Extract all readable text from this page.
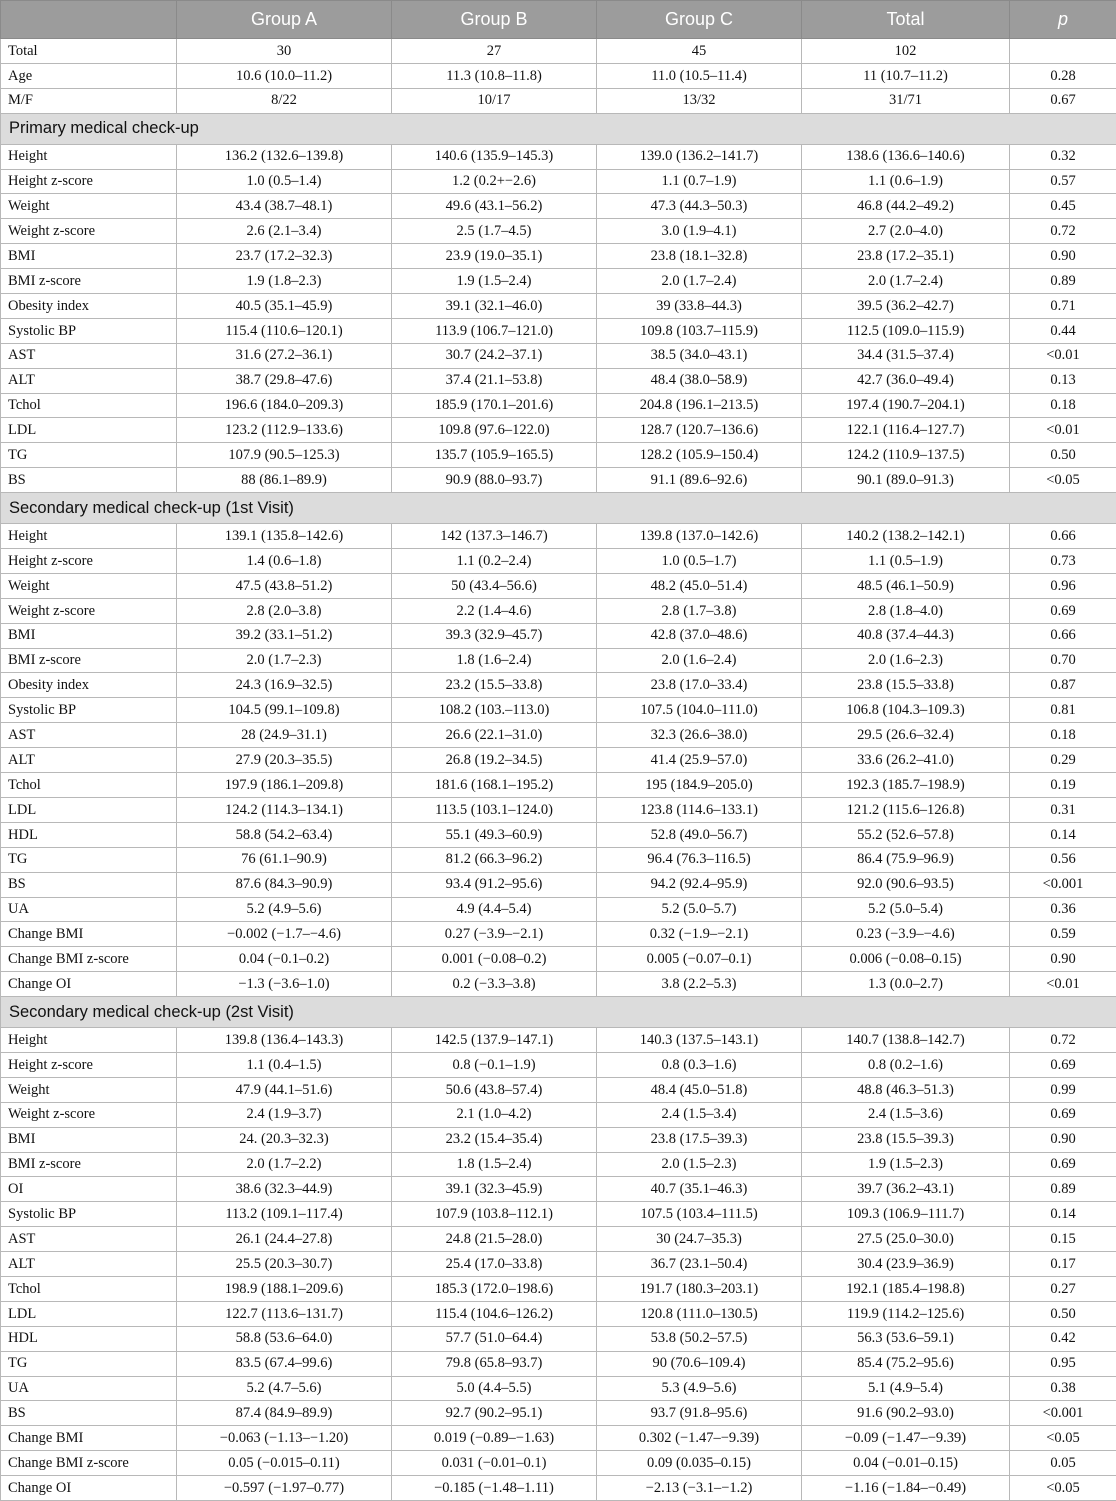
	Group A	Group B	Group C	Total	p
Total	30	27	45	102	
Age	10.6 (10.0–11.2)	11.3 (10.8–11.8)	11.0 (10.5–11.4)	11 (10.7–11.2)	0.28
M/F	8/22	10/17	13/32	31/71	0.67
Primary medical check-up					
Height	136.2 (132.6–139.8)	140.6 (135.9–145.3)	139.0 (136.2–141.7)	138.6 (136.6–140.6)	0.32
Height z-score	1.0 (0.5–1.4)	1.2 (0.2+−2.6)	1.1 (0.7–1.9)	1.1 (0.6–1.9)	0.57
Weight	43.4 (38.7–48.1)	49.6 (43.1–56.2)	47.3 (44.3–50.3)	46.8 (44.2–49.2)	0.45
Weight z-score	2.6 (2.1–3.4)	2.5 (1.7–4.5)	3.0 (1.9–4.1)	2.7 (2.0–4.0)	0.72
BMI	23.7 (17.2–32.3)	23.9 (19.0–35.1)	23.8 (18.1–32.8)	23.8 (17.2–35.1)	0.90
BMI z-score	1.9 (1.8–2.3)	1.9 (1.5–2.4)	2.0 (1.7–2.4)	2.0 (1.7–2.4)	0.89
Obesity index	40.5 (35.1–45.9)	39.1 (32.1–46.0)	39 (33.8–44.3)	39.5 (36.2–42.7)	0.71
Systolic BP	115.4 (110.6–120.1)	113.9 (106.7–121.0)	109.8 (103.7–115.9)	112.5 (109.0–115.9)	0.44
AST	31.6 (27.2–36.1)	30.7 (24.2–37.1)	38.5 (34.0–43.1)	34.4 (31.5–37.4)	<0.01
ALT	38.7 (29.8–47.6)	37.4 (21.1–53.8)	48.4 (38.0–58.9)	42.7 (36.0–49.4)	0.13
Tchol	196.6 (184.0–209.3)	185.9 (170.1–201.6)	204.8 (196.1–213.5)	197.4 (190.7–204.1)	0.18
LDL	123.2 (112.9–133.6)	109.8 (97.6–122.0)	128.7 (120.7–136.6)	122.1 (116.4–127.7)	<0.01
TG	107.9 (90.5–125.3)	135.7 (105.9–165.5)	128.2 (105.9–150.4)	124.2 (110.9–137.5)	0.50
BS	88 (86.1–89.9)	90.9 (88.0–93.7)	91.1 (89.6–92.6)	90.1 (89.0–91.3)	<0.05
Secondary medical check-up (1st Visit)					
Height	139.1 (135.8–142.6)	142 (137.3–146.7)	139.8 (137.0–142.6)	140.2 (138.2–142.1)	0.66
Height z-score	1.4 (0.6–1.8)	1.1 (0.2–2.4)	1.0 (0.5–1.7)	1.1 (0.5–1.9)	0.73
Weight	47.5 (43.8–51.2)	50 (43.4–56.6)	48.2 (45.0–51.4)	48.5 (46.1–50.9)	0.96
Weight z-score	2.8 (2.0–3.8)	2.2 (1.4–4.6)	2.8 (1.7–3.8)	2.8 (1.8–4.0)	0.69
BMI	39.2 (33.1–51.2)	39.3 (32.9–45.7)	42.8 (37.0–48.6)	40.8 (37.4–44.3)	0.66
BMI z-score	2.0 (1.7–2.3)	1.8 (1.6–2.4)	2.0 (1.6–2.4)	2.0 (1.6–2.3)	0.70
Obesity index	24.3 (16.9–32.5)	23.2 (15.5–33.8)	23.8 (17.0–33.4)	23.8 (15.5–33.8)	0.87
Systolic BP	104.5 (99.1–109.8)	108.2 (103.–113.0)	107.5 (104.0–111.0)	106.8 (104.3–109.3)	0.81
AST	28 (24.9–31.1)	26.6 (22.1–31.0)	32.3 (26.6–38.0)	29.5 (26.6–32.4)	0.18
ALT	27.9 (20.3–35.5)	26.8 (19.2–34.5)	41.4 (25.9–57.0)	33.6 (26.2–41.0)	0.29
Tchol	197.9 (186.1–209.8)	181.6 (168.1–195.2)	195 (184.9–205.0)	192.3 (185.7–198.9)	0.19
LDL	124.2 (114.3–134.1)	113.5 (103.1–124.0)	123.8 (114.6–133.1)	121.2 (115.6–126.8)	0.31
HDL	58.8 (54.2–63.4)	55.1 (49.3–60.9)	52.8 (49.0–56.7)	55.2 (52.6–57.8)	0.14
TG	76 (61.1–90.9)	81.2 (66.3–96.2)	96.4 (76.3–116.5)	86.4 (75.9–96.9)	0.56
BS	87.6 (84.3–90.9)	93.4 (91.2–95.6)	94.2 (92.4–95.9)	92.0 (90.6–93.5)	<0.001
UA	5.2 (4.9–5.6)	4.9 (4.4–5.4)	5.2 (5.0–5.7)	5.2 (5.0–5.4)	0.36
Change BMI	−0.002 (−1.7–−4.6)	0.27 (−3.9–−2.1)	0.32 (−1.9–−2.1)	0.23 (−3.9–−4.6)	0.59
Change BMI z-score	0.04 (−0.1–0.2)	0.001 (−0.08–0.2)	0.005 (−0.07–0.1)	0.006 (−0.08–0.15)	0.90
Change OI	−1.3 (−3.6–1.0)	0.2 (−3.3–3.8)	3.8 (2.2–5.3)	1.3 (0.0–2.7)	<0.01
Secondary medical check-up (2st Visit)					
Height	139.8 (136.4–143.3)	142.5 (137.9–147.1)	140.3 (137.5–143.1)	140.7 (138.8–142.7)	0.72
Height z-score	1.1 (0.4–1.5)	0.8 (−0.1–1.9)	0.8 (0.3–1.6)	0.8 (0.2–1.6)	0.69
Weight	47.9 (44.1–51.6)	50.6 (43.8–57.4)	48.4 (45.0–51.8)	48.8 (46.3–51.3)	0.99
Weight z-score	2.4 (1.9–3.7)	2.1 (1.0–4.2)	2.4 (1.5–3.4)	2.4 (1.5–3.6)	0.69
BMI	24. (20.3–32.3)	23.2 (15.4–35.4)	23.8 (17.5–39.3)	23.8 (15.5–39.3)	0.90
BMI z-score	2.0 (1.7–2.2)	1.8 (1.5–2.4)	2.0 (1.5–2.3)	1.9 (1.5–2.3)	0.69
OI	38.6 (32.3–44.9)	39.1 (32.3–45.9)	40.7 (35.1–46.3)	39.7 (36.2–43.1)	0.89
Systolic BP	113.2 (109.1–117.4)	107.9 (103.8–112.1)	107.5 (103.4–111.5)	109.3 (106.9–111.7)	0.14
AST	26.1 (24.4–27.8)	24.8 (21.5–28.0)	30 (24.7–35.3)	27.5 (25.0–30.0)	0.15
ALT	25.5 (20.3–30.7)	25.4 (17.0–33.8)	36.7 (23.1–50.4)	30.4 (23.9–36.9)	0.17
Tchol	198.9 (188.1–209.6)	185.3 (172.0–198.6)	191.7 (180.3–203.1)	192.1 (185.4–198.8)	0.27
LDL	122.7 (113.6–131.7)	115.4 (104.6–126.2)	120.8 (111.0–130.5)	119.9 (114.2–125.6)	0.50
HDL	58.8 (53.6–64.0)	57.7 (51.0–64.4)	53.8 (50.2–57.5)	56.3 (53.6–59.1)	0.42
TG	83.5 (67.4–99.6)	79.8 (65.8–93.7)	90 (70.6–109.4)	85.4 (75.2–95.6)	0.95
UA	5.2 (4.7–5.6)	5.0 (4.4–5.5)	5.3 (4.9–5.6)	5.1 (4.9–5.4)	0.38
BS	87.4 (84.9–89.9)	92.7 (90.2–95.1)	93.7 (91.8–95.6)	91.6 (90.2–93.0)	<0.001
Change BMI	−0.063 (−1.13–−1.20)	0.019 (−0.89–−1.63)	0.302 (−1.47–−9.39)	−0.09 (−1.47–−9.39)	<0.05
Change BMI z-score	0.05 (−0.015–0.11)	0.031 (−0.01–0.1)	0.09 (0.035–0.15)	0.04 (−0.01–0.15)	0.05
Change OI	−0.597 (−1.97–0.77)	−0.185 (−1.48–1.11)	−2.13 (−3.1–−1.2)	−1.16 (−1.84–−0.49)	<0.05
